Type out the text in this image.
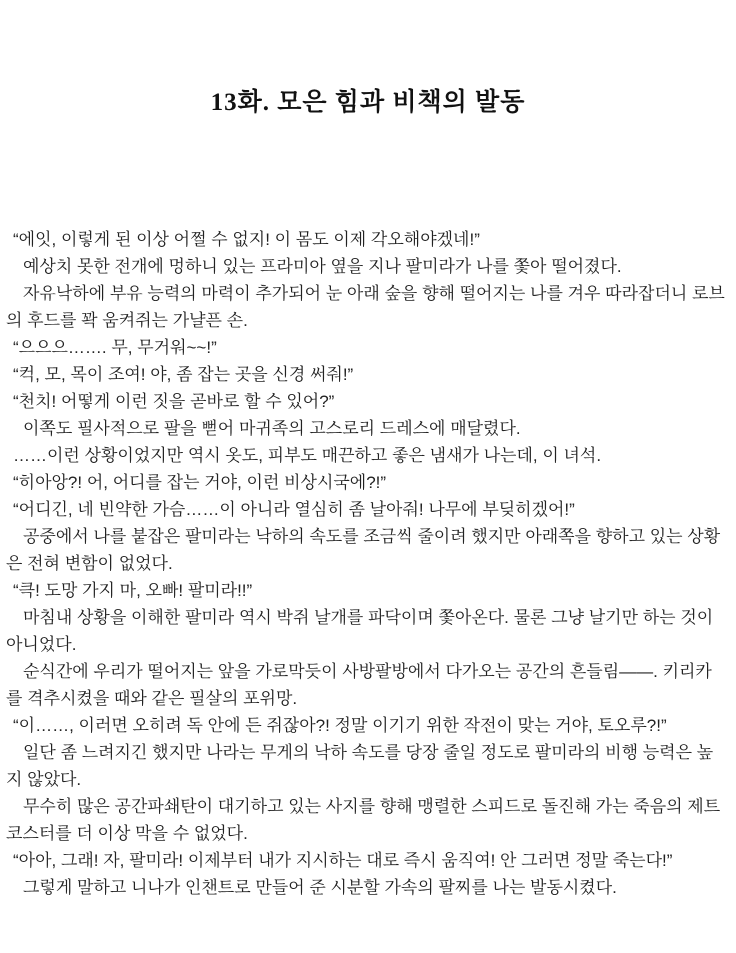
13화. 모은 힘과 비책의 발동

“에잇, 이렇게 된 이상 어쩔 수 없지! 이 몸도 이제 각오해야겠네!”

예상치 못한 전개에 멍하니 있는 프라미아 옆을 지나 팔미라가 나를 쫓아 떨어졌다.

자유낙하에 부유 능력의 마력이 추가되어 눈 아래 숲을 향해 떨어지는 나를 겨우 따라잡더니 로브의 후드를 꽉 움켜쥐는 가냘픈 손.

“으으으……. 무, 무거워~~!”

“컥, 모, 목이 조여! 야, 좀 잡는 곳을 신경 써줘!”

“천치! 어떻게 이런 짓을 곧바로 할 수 있어?”

이쪽도 필사적으로 팔을 뻗어 마귀족의 고스로리 드레스에 매달렸다.

……이런 상황이었지만 역시 옷도, 피부도 매끈하고 좋은 냄새가 나는데, 이 녀석.

“히아앙?! 어, 어디를 잡는 거야, 이런 비상시국에?!”

“어디긴, 네 빈약한 가슴……이 아니라 열심히 좀 날아줘! 나무에 부딪히겠어!”

공중에서 나를 붙잡은 팔미라는 낙하의 속도를 조금씩 줄이려 했지만 아래쪽을 향하고 있는 상황은 전혀 변함이 없었다.

“큭! 도망 가지 마, 오빠! 팔미라!!”

마침내 상황을 이해한 팔미라 역시 박쥐 날개를 파닥이며 쫓아온다. 물론 그냥 날기만 하는 것이 아니었다.

순식간에 우리가 떨어지는 앞을 가로막듯이 사방팔방에서 다가오는 공간의 흔들림——. 키리카를 격추시켰을 때와 같은 필살의 포위망.

“이……, 이러면 오히려 독 안에 든 쥐잖아?! 정말 이기기 위한 작전이 맞는 거야, 토오루?!”

일단 좀 느려지긴 했지만 나라는 무게의 낙하 속도를 당장 줄일 정도로 팔미라의 비행 능력은 높지 않았다.

무수히 많은 공간파쇄탄이 대기하고 있는 사지를 향해 맹렬한 스피드로 돌진해 가는 죽음의 제트코스터를 더 이상 막을 수 없었다.

“아아, 그래! 자, 팔미라! 이제부터 내가 지시하는 대로 즉시 움직여! 안 그러면 정말 죽는다!”

그렇게 말하고 니나가 인챈트로 만들어 준 시분할 가속의 팔찌를 나는 발동시켰다.
